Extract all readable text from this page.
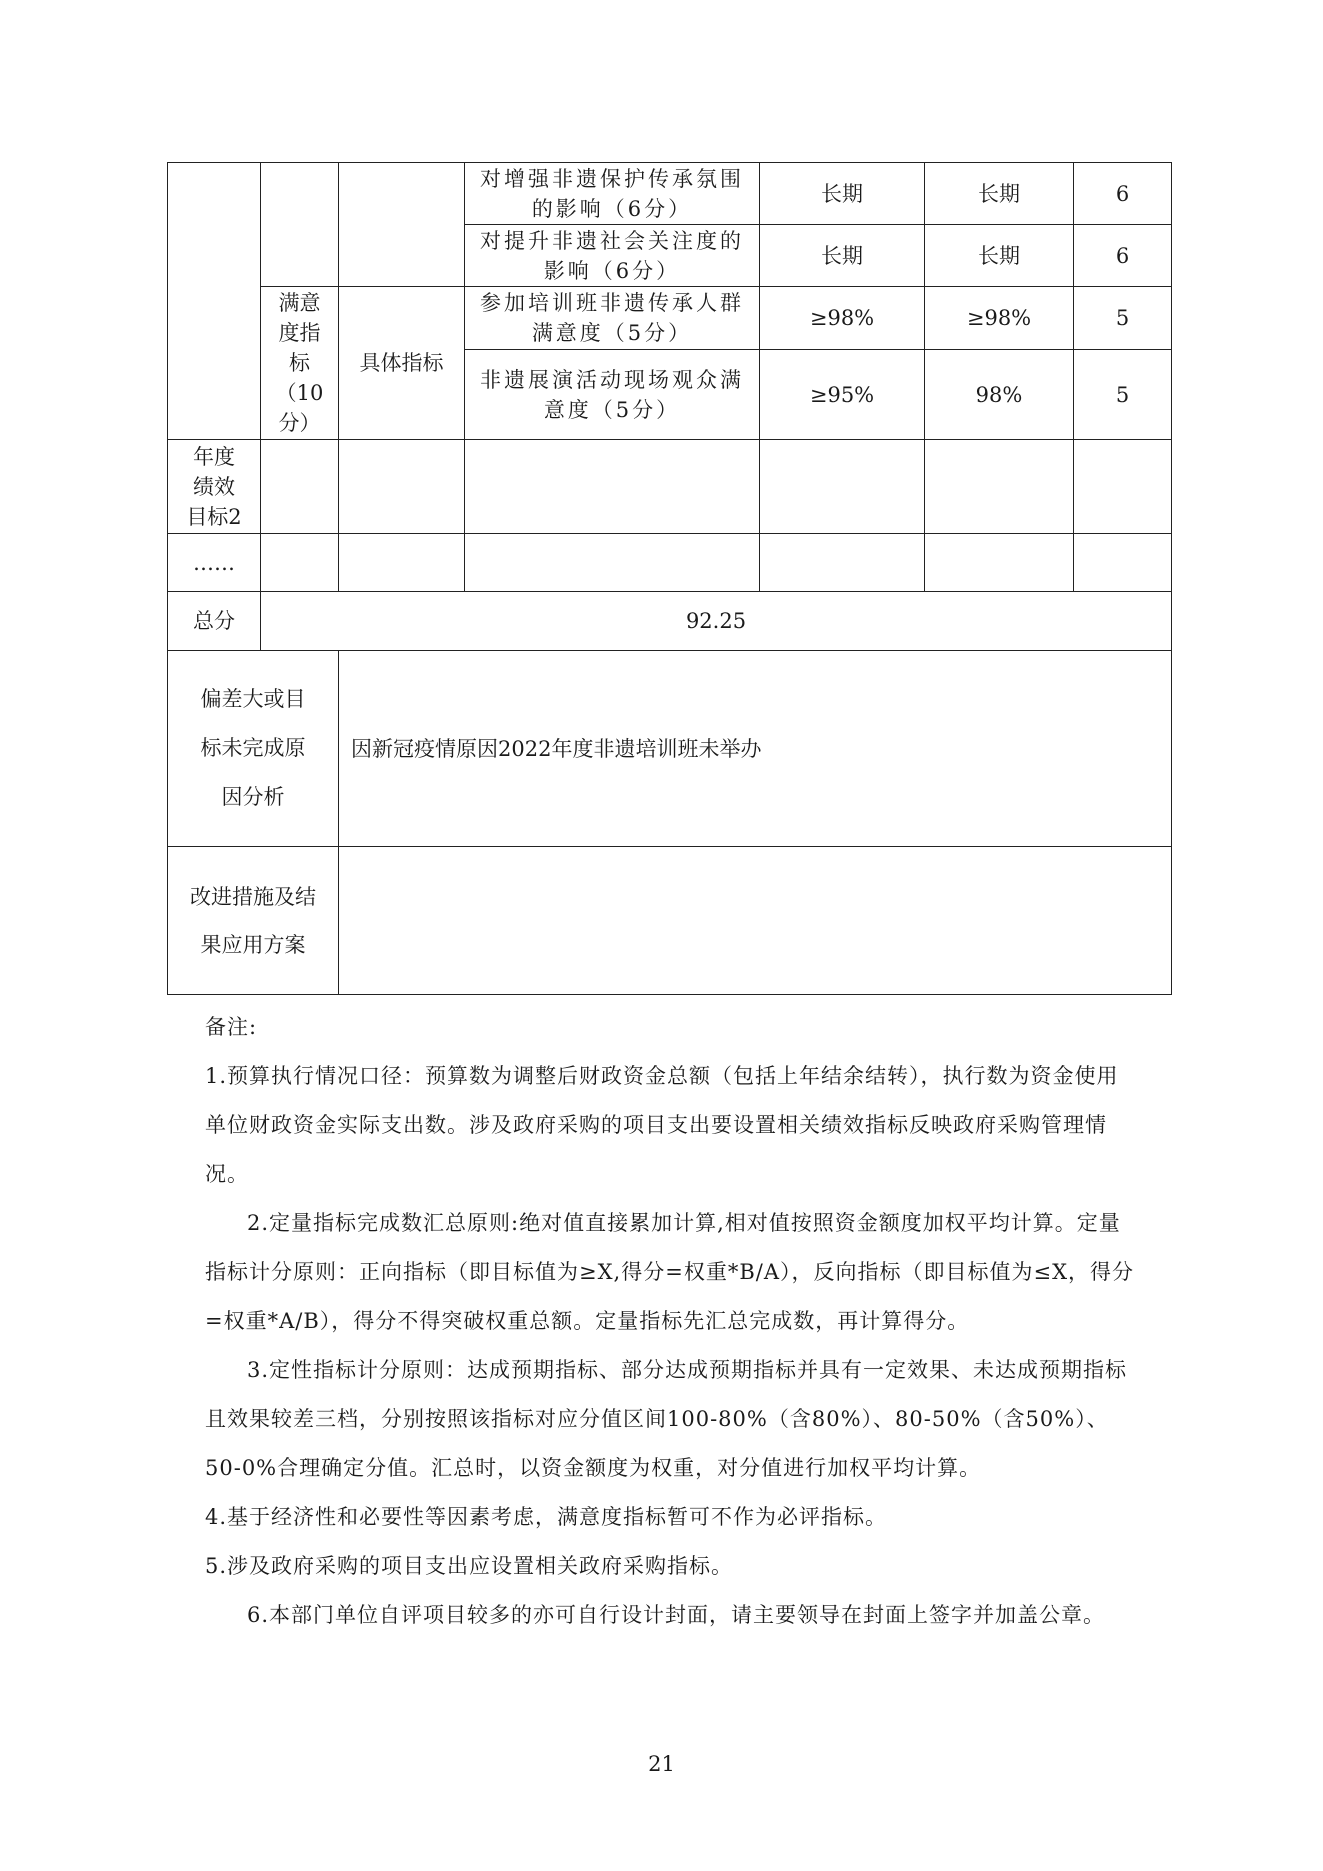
			对增强非遗保护传承氛围的影响（6分）	长期	长期	6
			对提升非遗社会关注度的影响（6分）	长期	长期	6
	满意度指标（10分）	具体指标	参加培训班非遗传承人群满意度（5分）	≥98%	≥98%	5
			非遗展演活动现场观众满意度（5分）	≥95%	98%	5
年度绩效目标2						
……						
总分	92.25					
偏差大或目标未完成原因分析		因新冠疫情原因2022年度非遗培训班未举办				
改进措施及结果应用方案						

备注:

1.预算执行情况口径：预算数为调整后财政资金总额（包括上年结余结转），执行数为资金使用单位财政资金实际支出数。涉及政府采购的项目支出要设置相关绩效指标反映政府采购管理情况。

2.定量指标完成数汇总原则:绝对值直接累加计算,相对值按照资金额度加权平均计算。定量指标计分原则：正向指标（即目标值为≥X,得分=权重*B/A），反向指标（即目标值为≤X，得分=权重*A/B），得分不得突破权重总额。定量指标先汇总完成数，再计算得分。

3.定性指标计分原则：达成预期指标、部分达成预期指标并具有一定效果、未达成预期指标且效果较差三档，分别按照该指标对应分值区间100-80%（含80%）、80-50%（含50%）、50-0%合理确定分值。汇总时，以资金额度为权重，对分值进行加权平均计算。

4.基于经济性和必要性等因素考虑，满意度指标暂可不作为必评指标。

5.涉及政府采购的项目支出应设置相关政府采购指标。

6.本部门单位自评项目较多的亦可自行设计封面，请主要领导在封面上签字并加盖公章。

21
